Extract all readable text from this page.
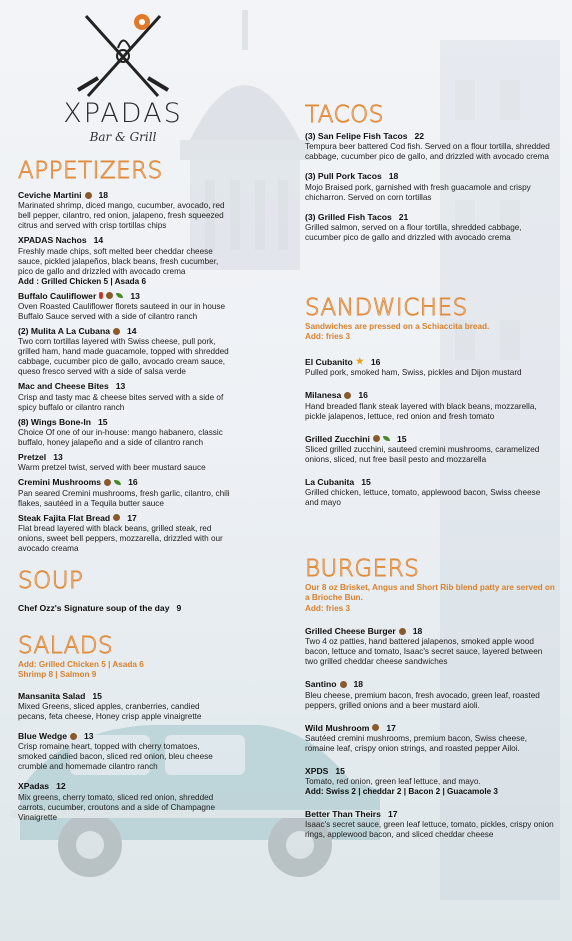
XPADAS
Bar & Grill
APPETIZERS
Ceviche Martini 18
Marinated shrimp, diced mango, cucumber, avocado, red bell pepper, cilantro, red onion, jalapeno, fresh squeezed citrus and served with crisp tortillas chips
XPADAS Nachos 14
Freshly made chips, soft melted beer cheddar cheese sauce, pickled jalapeños, black beans, fresh cucumber, pico de gallo and drizzled with avocado crema
Add : Grilled Chicken 5 | Asada 6
Buffalo Cauliflower	13
Oven Roasted Cauliflower florets sauteed in our in house Buffalo Sauce served with a side of cilantro ranch
(2) Mulita A La Cubana 14
Two corn tortillas layered with Swiss cheese, pull pork, grilled ham, hand made guacamole, topped with shredded cabbage, cucumber pico de gallo, avocado cream sauce, queso fresco served with a side of salsa verde
Mac and Cheese Bites 13
Crisp and tasty mac & cheese bites served with a side of spicy buffalo or cilantro ranch
(8) Wings Bone-In 15
Choice Of one of our in-house: mango habanero, classic buffalo, honey jalapeño and a side of cilantro ranch
Pretzel 13
Warm pretzel twist, served with beer mustard sauce
Cremini Mushrooms	16
Pan seared Cremini mushrooms, fresh garlic, cilantro, chili flakes, sautéed in a Tequila butter sauce
Steak Fajita Flat Bread 17
Flat bread layered with black beans, grilled steak, red onions, sweet bell peppers, mozzarella, drizzled with our avocado creama
SOUP
Chef Ozz's Signature soup of the day 9
SALADS
Add: Grilled Chicken 5 | Asada 6 Shrimp 8 | Salmon 9
Mansanita Salad 15
Mixed Greens, sliced apples, cranberries, candied pecans, feta cheese, Honey crisp apple vinaigrette
Blue Wedge 13
Crisp romaine heart, topped with cherry tomatoes, smoked candied bacon, sliced red onion, bleu cheese crumble and homemade cilantro ranch
XPadas 12
Mix greens, cherry tomato, sliced red onion, shredded carrots, cucumber, croutons and a side of Champagne Vinaigrette
TACOS
(3) San Felipe Fish Tacos 22
Tempura beer battered Cod fish. Served on a flour tortilla, shredded cabbage, cucumber pico de gallo, and drizzled with avocado crema
(3) Pull Pork Tacos 18
Mojo Braised pork, garnished with fresh guacamole and crispy chicharron. Served on corn tortillas
(3) Grilled Fish Tacos 21
Grilled salmon, served on a flour tortilla, shredded cabbage, cucumber pico de gallo and drizzled with avocado crema
SANDWICHES
Sandwiches are pressed on a Schiaccita bread.
Add: fries 3
El Cubanito ★ 16
Pulled pork, smoked ham, Swiss, pickles and Dijon mustard
Milanesa 16
Hand breaded flank steak layered with black beans, mozzarella, pickle jalapenos, lettuce, red onion and fresh tomato
Grilled Zucchini	15
Sliced grilled zucchini, sauteed cremini mushrooms, caramelized onions, sliced, nut free basil pesto and mozzarella
La Cubanita 15
Grilled chicken, lettuce, tomato, applewood bacon, Swiss cheese and mayo
BURGERS
Our 8 oz Brisket, Angus and Short Rib blend patty are served on a Brioche Bun.
Add: fries 3
Grilled Cheese Burger 18
Two 4 oz patties, hand battered jalapenos, smoked apple wood bacon, lettuce and tomato, Isaac's secret sauce, layered between two grilled cheddar cheese sandwiches
Santino 18
Bleu cheese, premium bacon, fresh avocado, green leaf, roasted peppers, grilled onions and a beer mustard aioli.
Wild Mushroom 17
Sautéed cremini mushrooms, premium bacon, Swiss cheese, romaine leaf, crispy onion strings, and roasted pepper Ailoi.
XPDS 15
Tomato, red onion, green leaf lettuce, and mayo.
Add: Swiss 2 | cheddar 2 | Bacon 2 | Guacamole 3
Better Than Theirs 17
Isaac's secret sauce, green leaf lettuce, tomato, pickles, crispy onion rings, applewood bacon, and sliced cheddar cheese
